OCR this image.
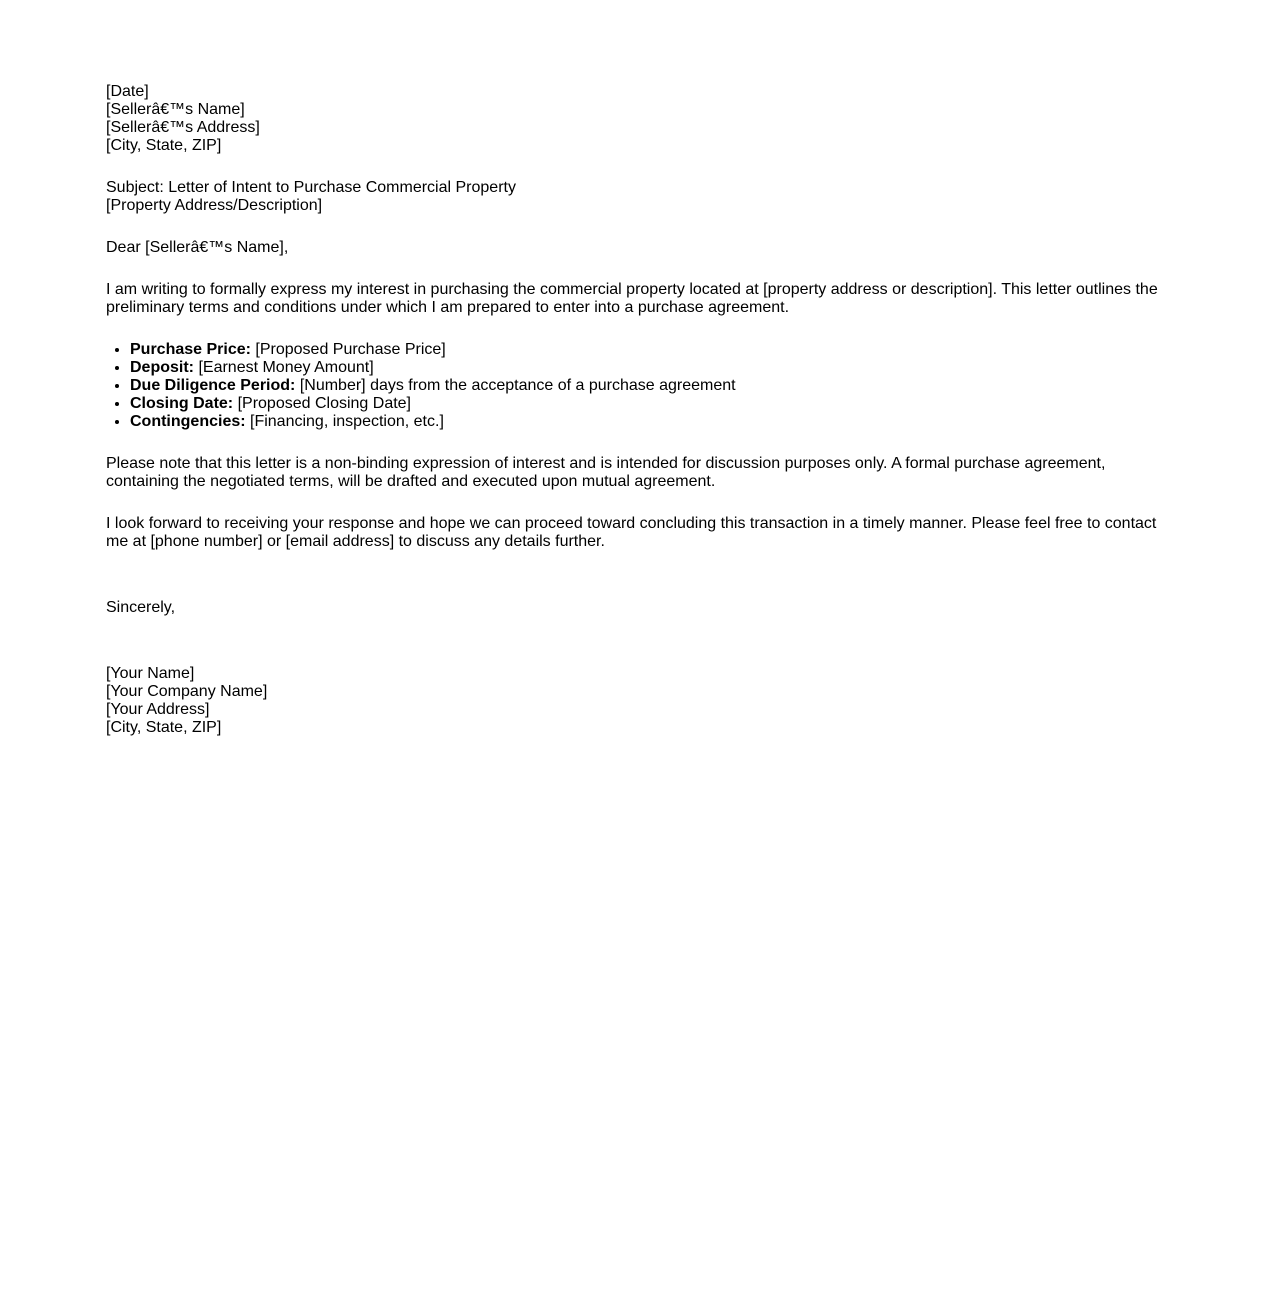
[Date]
[Sellerâ€™s Name]
[Sellerâ€™s Address]
[City, State, ZIP]
Subject: Letter of Intent to Purchase Commercial Property
[Property Address/Description]

Dear [Sellerâ€™s Name],

I am writing to formally express my interest in purchasing the commercial property located at [property address or description]. This letter outlines the preliminary terms and conditions under which I am prepared to enter into a purchase agreement.

• Purchase Price: [Proposed Purchase Price]
• Deposit: [Earnest Money Amount]
• Due Diligence Period: [Number] days from the acceptance of a purchase agreement
• Closing Date: [Proposed Closing Date]
• Contingencies: [Financing, inspection, etc.]

Please note that this letter is a non-binding expression of interest and is intended for discussion purposes only. A formal purchase agreement, containing the negotiated terms, will be drafted and executed upon mutual agreement.

I look forward to receiving your response and hope we can proceed toward concluding this transaction in a timely manner. Please feel free to contact me at [phone number] or [email address] to discuss any details further.

Sincerely,

[Your Name]
[Your Company Name]
[Your Address]
[City, State, ZIP]
